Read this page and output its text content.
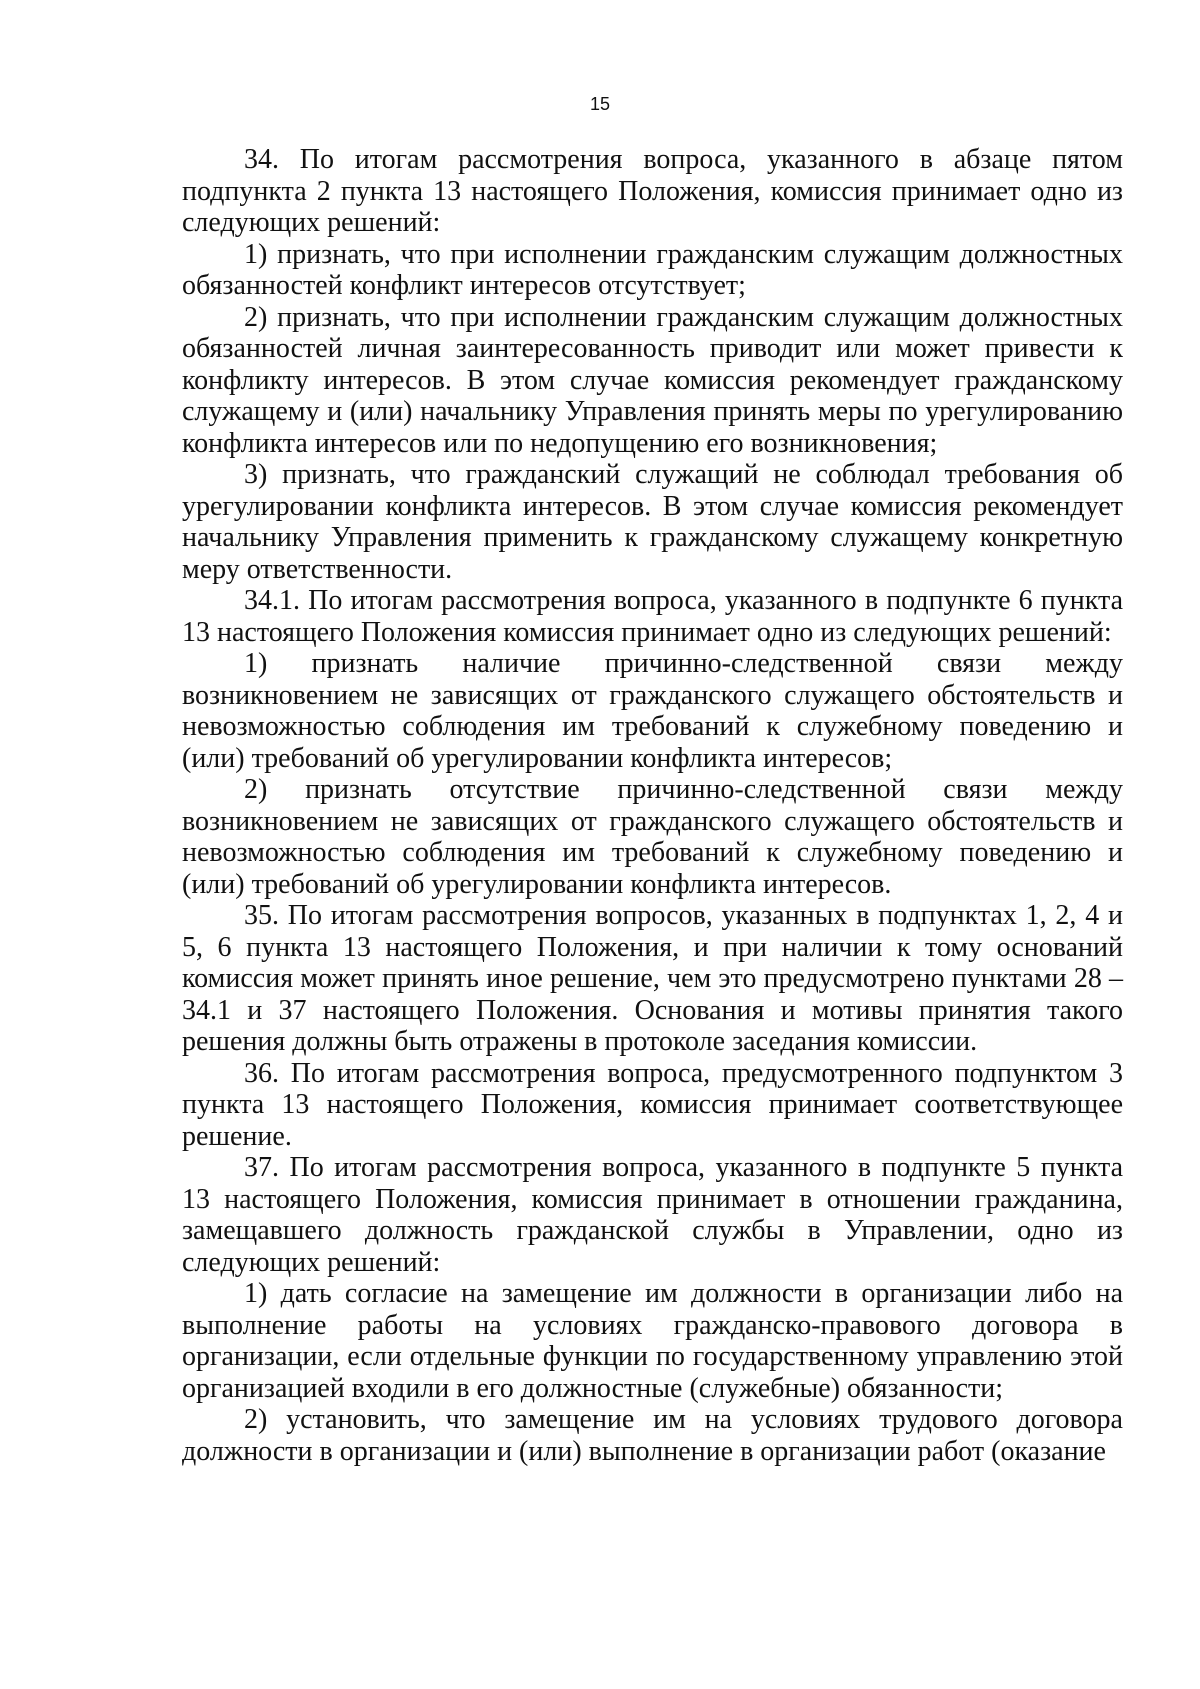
15

34. По итогам рассмотрения вопроса, указанного в абзаце пятом подпункта 2 пункта 13 настоящего Положения, комиссия принимает одно из следующих решений:

1) признать, что при исполнении гражданским служащим должностных обязанностей конфликт интересов отсутствует;

2) признать, что при исполнении гражданским служащим должностных обязанностей личная заинтересованность приводит или может привести к конфликту интересов. В этом случае комиссия рекомендует гражданскому служащему и (или) начальнику Управления принять меры по урегулированию конфликта интересов или по недопущению его возникновения;

3) признать, что гражданский служащий не соблюдал требования об урегулировании конфликта интересов. В этом случае комиссия рекомендует начальнику Управления применить к гражданскому служащему конкретную меру ответственности.

34.1. По итогам рассмотрения вопроса, указанного в подпункте 6 пункта 13 настоящего Положения комиссия принимает одно из следующих решений:

1) признать наличие причинно-следственной связи между возникновением не зависящих от гражданского служащего обстоятельств и невозможностью соблюдения им требований к служебному поведению и (или) требований об урегулировании конфликта интересов;

2) признать отсутствие причинно-следственной связи между возникновением не зависящих от гражданского служащего обстоятельств и невозможностью соблюдения им требований к служебному поведению и (или) требований об урегулировании конфликта интересов.

35. По итогам рассмотрения вопросов, указанных в подпунктах 1, 2, 4 и 5, 6 пункта 13 настоящего Положения, и при наличии к тому оснований комиссия может принять иное решение, чем это предусмотрено пунктами 28 – 34.1 и 37 настоящего Положения. Основания и мотивы принятия такого решения должны быть отражены в протоколе заседания комиссии.

36. По итогам рассмотрения вопроса, предусмотренного подпунктом 3 пункта 13 настоящего Положения, комиссия принимает соответствующее решение.

37. По итогам рассмотрения вопроса, указанного в подпункте 5 пункта 13 настоящего Положения, комиссия принимает в отношении гражданина, замещавшего должность гражданской службы в Управлении, одно из следующих решений:

1) дать согласие на замещение им должности в организации либо на выполнение работы на условиях гражданско-правового договора в организации, если отдельные функции по государственному управлению этой организацией входили в его должностные (служебные) обязанности;

2) установить, что замещение им на условиях трудового договора должности в организации и (или) выполнение в организации работ (оказание
